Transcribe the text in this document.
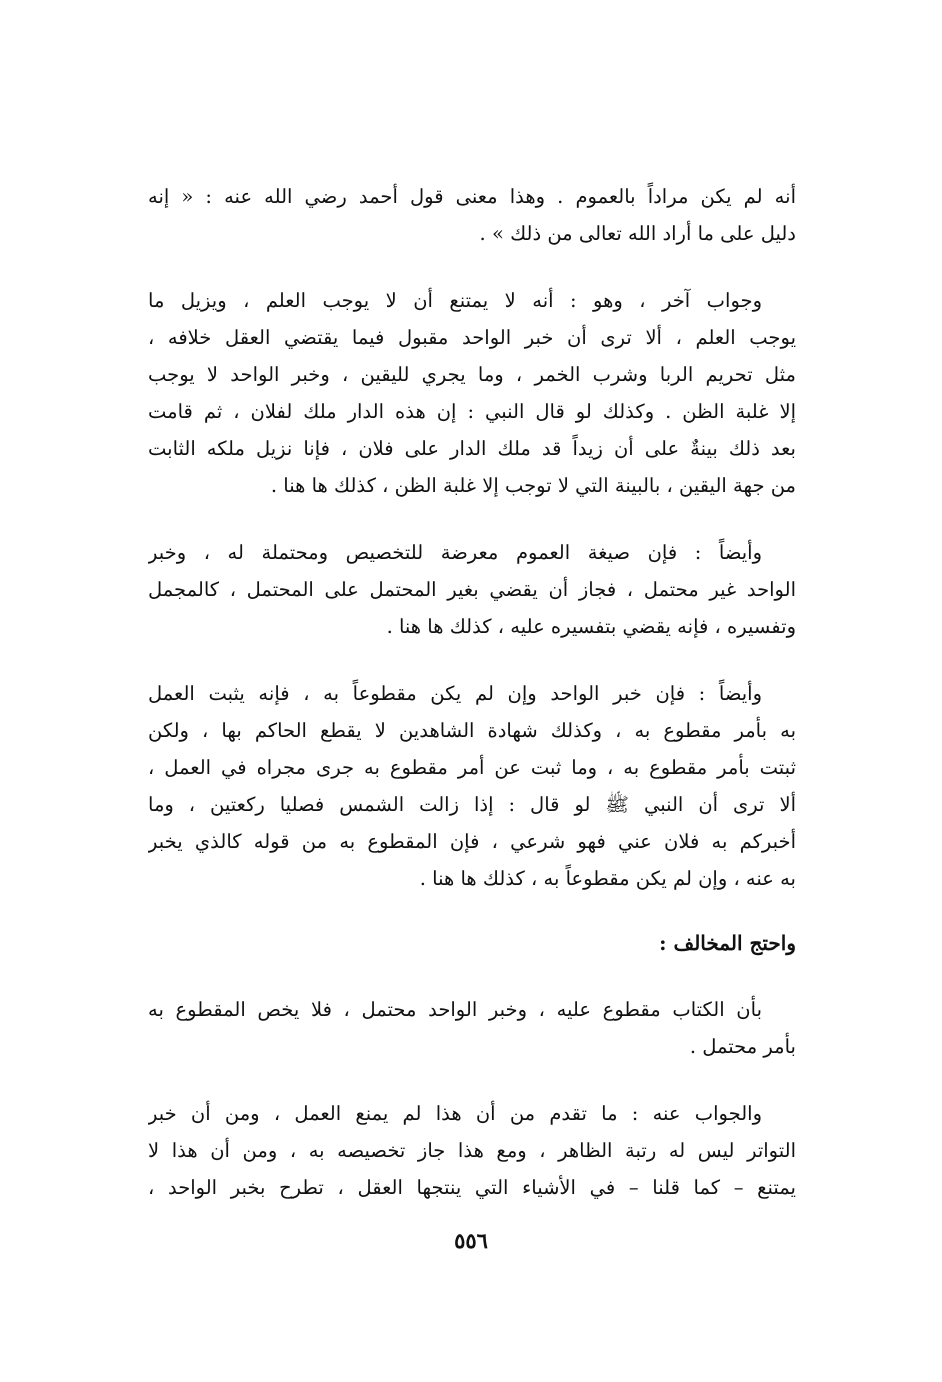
أنه لم يكن مراداً بالعموم . وهذا معنى قول أحمد رضي الله عنه : « إنه
دليل على ما أراد الله تعالى من ذلك » .
وجواب آخر ، وهو : أنه لا يمتنع أن لا يوجب العلم ، ويزيل ما
يوجب العلم ، ألا ترى أن خبر الواحد مقبول فيما يقتضي العقل خلافه ،
مثل تحريم الربا وشرب الخمر ، وما يجري لليقين ، وخبر الواحد لا يوجب
إلا غلبة الظن . وكذلك لو قال النبي : إن هذه الدار ملك لفلان ، ثم قامت
بعد ذلك بينةٌ على أن زيداً قد ملك الدار على فلان ، فإنا نزيل ملكه الثابت
من جهة اليقين ، بالبينة التي لا توجب إلا غلبة الظن ، كذلك ها هنا .
وأيضاً : فإن صيغة العموم معرضة للتخصيص ومحتملة له ، وخبر
الواحد غير محتمل ، فجاز أن يقضي بغير المحتمل على المحتمل ، كالمجمل
وتفسيره ، فإنه يقضي بتفسيره عليه ، كذلك ها هنا .
وأيضاً : فإن خبر الواحد وإن لم يكن مقطوعاً به ، فإنه يثبت العمل
به بأمر مقطوع به ، وكذلك شهادة الشاهدين لا يقطع الحاكم بها ، ولكن
ثبتت بأمر مقطوع به ، وما ثبت عن أمر مقطوع به جرى مجراه في العمل ،
ألا ترى أن النبي ﷺ لو قال : إذا زالت الشمس فصليا ركعتين ، وما
أخبركم به فلان عني فهو شرعي ، فإن المقطوع به من قوله كالذي يخبر
به عنه ، وإن لم يكن مقطوعاً به ، كذلك ها هنا .
واحتج المخالف :
بأن الكتاب مقطوع عليه ، وخبر الواحد محتمل ، فلا يخص المقطوع به
بأمر محتمل .
والجواب عنه : ما تقدم من أن هذا لم يمنع العمل ، ومن أن خبر
التواتر ليس له رتبة الظاهر ، ومع هذا جاز تخصيصه به ، ومن أن هذا لا
يمتنع – كما قلنا – في الأشياء التي ينتجها العقل ، تطرح بخبر الواحد ،
٥٥٦
